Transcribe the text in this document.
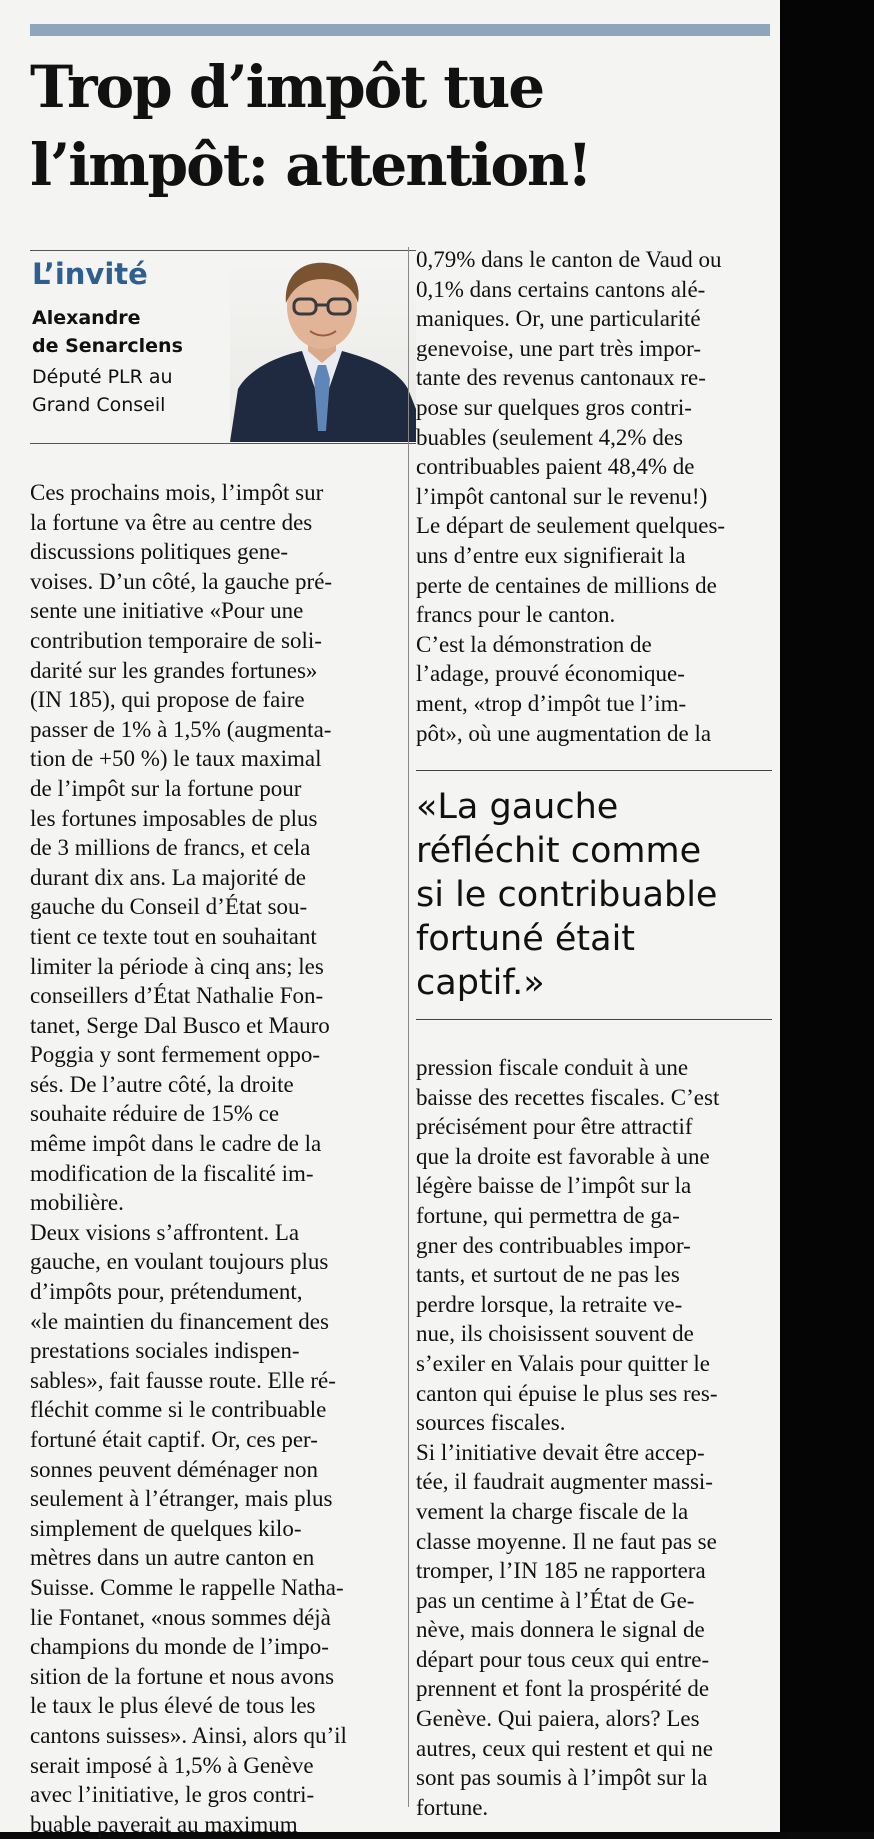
Trop d’impôt tue
l’impôt: attention!
L’invité
Alexandre
de Senarclens
Député PLR au
Grand Conseil
Ces prochains mois, l’impôt sur
la fortune va être au centre des
discussions politiques gene-
voises. D’un côté, la gauche pré-
sente une initiative «Pour une
contribution temporaire de soli-
darité sur les grandes fortunes»
(IN 185), qui propose de faire
passer de 1% à 1,5% (augmenta-
tion de +50 %) le taux maximal
de l’impôt sur la fortune pour
les fortunes imposables de plus
de 3 millions de francs, et cela
durant dix ans. La majorité de
gauche du Conseil d’État sou-
tient ce texte tout en souhaitant
limiter la période à cinq ans; les
conseillers d’État Nathalie Fon-
tanet, Serge Dal Busco et Mauro
Poggia y sont fermement oppo-
sés. De l’autre côté, la droite
souhaite réduire de 15% ce
même impôt dans le cadre de la
modification de la fiscalité im-
mobilière.
Deux visions s’affrontent. La
gauche, en voulant toujours plus
d’impôts pour, prétendument,
«le maintien du financement des
prestations sociales indispen-
sables», fait fausse route. Elle ré-
fléchit comme si le contribuable
fortuné était captif. Or, ces per-
sonnes peuvent déménager non
seulement à l’étranger, mais plus
simplement de quelques kilo-
mètres dans un autre canton en
Suisse. Comme le rappelle Natha-
lie Fontanet, «nous sommes déjà
champions du monde de l’impo-
sition de la fortune et nous avons
le taux le plus élevé de tous les
cantons suisses». Ainsi, alors qu’il
serait imposé à 1,5% à Genève
avec l’initiative, le gros contri-
buable payerait au maximum
0,79% dans le canton de Vaud ou
0,1% dans certains cantons alé-
maniques. Or, une particularité
genevoise, une part très impor-
tante des revenus cantonaux re-
pose sur quelques gros contri-
buables (seulement 4,2% des
contribuables paient 48,4% de
l’impôt cantonal sur le revenu!)
Le départ de seulement quelques-
uns d’entre eux signifierait la
perte de centaines de millions de
francs pour le canton.
C’est la démonstration de
l’adage, prouvé économique-
ment, «trop d’impôt tue l’im-
pôt», où une augmentation de la
«La gauche
réfléchit comme
si le contribuable
fortuné était
captif.»
pression fiscale conduit à une
baisse des recettes fiscales. C’est
précisément pour être attractif
que la droite est favorable à une
légère baisse de l’impôt sur la
fortune, qui permettra de ga-
gner des contribuables impor-
tants, et surtout de ne pas les
perdre lorsque, la retraite ve-
nue, ils choisissent souvent de
s’exiler en Valais pour quitter le
canton qui épuise le plus ses res-
sources fiscales.
Si l’initiative devait être accep-
tée, il faudrait augmenter massi-
vement la charge fiscale de la
classe moyenne. Il ne faut pas se
tromper, l’IN 185 ne rapportera
pas un centime à l’État de Ge-
nève, mais donnera le signal de
départ pour tous ceux qui entre-
prennent et font la prospérité de
Genève. Qui paiera, alors? Les
autres, ceux qui restent et qui ne
sont pas soumis à l’impôt sur la
fortune.
